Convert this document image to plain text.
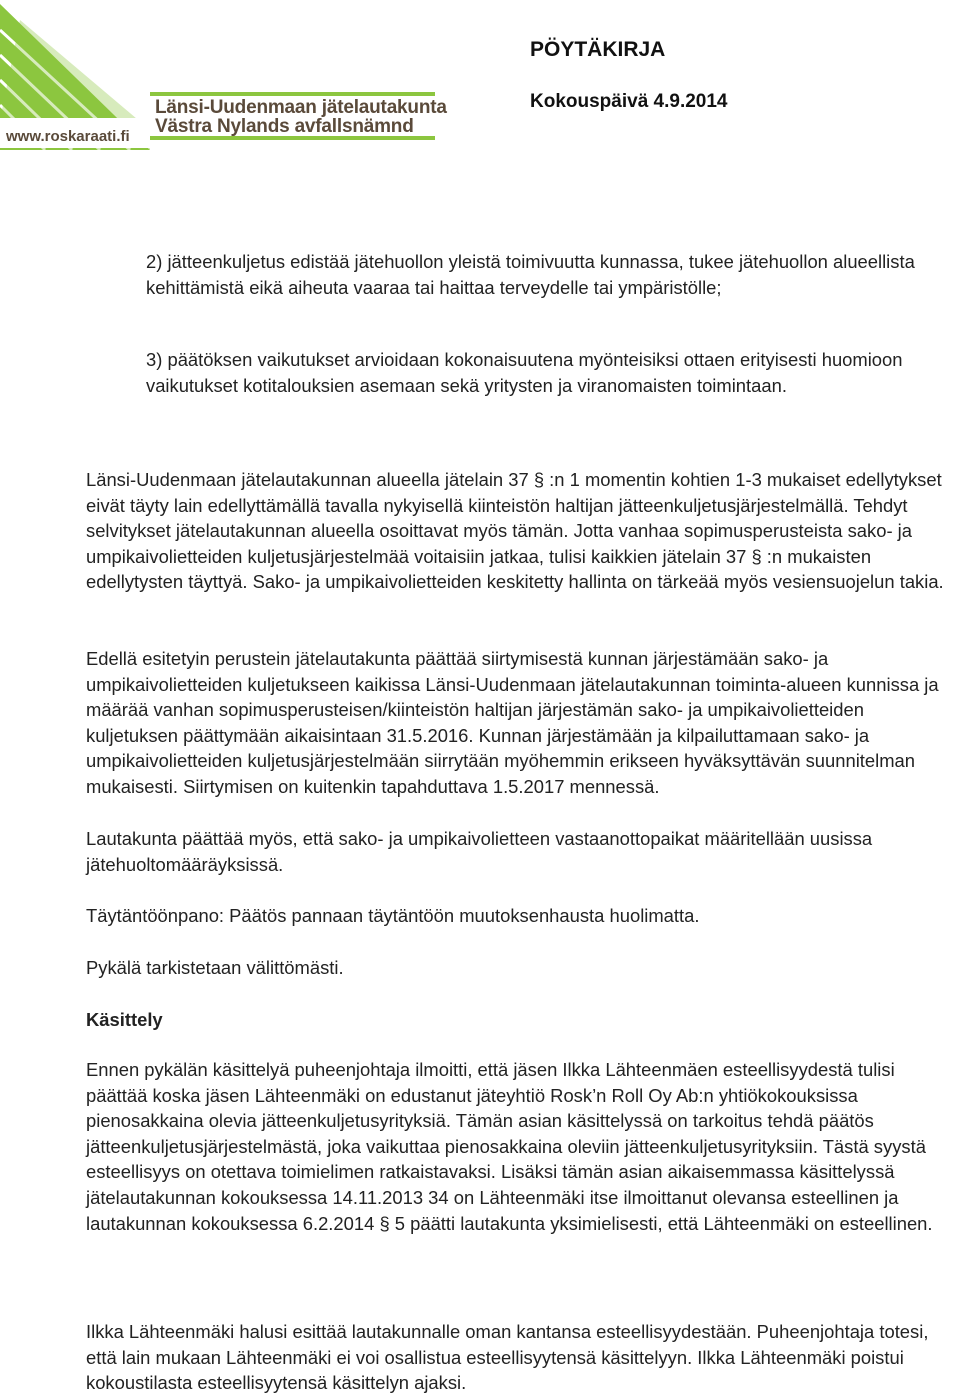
Länsi-Uudenmaan jätelautakunta
Västra Nylands avfallsnämnd
www.roskaraati.fi
PÖYTÄKIRJA
Kokouspäivä 4.9.2014

2) jätteenkuljetus edistää jätehuollon yleistä toimivuutta kunnassa, tukee jätehuollon alueellista kehittämistä eikä aiheuta vaaraa tai haittaa terveydelle tai ympäristölle;

3) päätöksen vaikutukset arvioidaan kokonaisuutena myönteisiksi ottaen erityisesti huomioon vaikutukset kotitalouksien asemaan sekä yritysten ja viranomaisten toimintaan.

Länsi-Uudenmaan jätelautakunnan alueella jätelain 37 § :n 1 momentin kohtien 1-3 mukaiset edellytykset eivät täyty lain edellyttämällä tavalla nykyisellä kiinteistön haltijan jätteenkuljetusjärjestelmällä. Tehdyt selvitykset jätelautakunnan alueella osoittavat myös tämän. Jotta vanhaa sopimusperusteista sako- ja umpikaivolietteiden kuljetusjärjestelmää voitaisiin jatkaa, tulisi kaikkien jätelain 37 § :n mukaisten edellytysten täyttyä. Sako- ja umpikaivolietteiden keskitetty hallinta on tärkeää myös vesiensuojelun takia.

Edellä esitetyin perustein jätelautakunta päättää siirtymisestä kunnan järjestämään sako- ja umpikaivolietteiden kuljetukseen kaikissa Länsi-Uudenmaan jätelautakunnan toiminta-alueen kunnissa ja määrää vanhan sopimusperusteisen/kiinteistön haltijan järjestämän sako- ja umpikaivolietteiden kuljetuksen päättymään aikaisintaan 31.5.2016. Kunnan järjestämään ja kilpailuttamaan sako- ja umpikaivolietteiden kuljetusjärjestelmään siirrytään myöhemmin erikseen hyväksyttävän suunnitelman mukaisesti. Siirtymisen on kuitenkin tapahduttava 1.5.2017 mennessä.

Lautakunta päättää myös, että sako- ja umpikaivolietteen vastaanottopaikat määritellään uusissa jätehuoltomääräyksissä.

Täytäntöönpano: Päätös pannaan täytäntöön muutoksenhausta huolimatta.

Pykälä tarkistetaan välittömästi.

Käsittely

Ennen pykälän käsittelyä puheenjohtaja ilmoitti, että jäsen Ilkka Lähteenmäen esteellisyydestä tulisi päättää koska jäsen Lähteenmäki on edustanut jäteyhtiö Rosk’n Roll Oy Ab:n yhtiökokouksissa pienosakkaina olevia jätteenkuljetusyrityksiä. Tämän asian käsittelyssä on tarkoitus tehdä päätös jätteenkuljetusjärjestelmästä, joka vaikuttaa pienosakkaina oleviin jätteenkuljetusyrityksiin. Tästä syystä esteellisyys on otettava toimielimen ratkaistavaksi. Lisäksi tämän asian aikaisemmassa käsittelyssä jätelautakunnan kokouksessa 14.11.2013 34 on Lähteenmäki itse ilmoittanut olevansa esteellinen ja lautakunnan kokouksessa 6.2.2014 § 5 päätti lautakunta yksimielisesti, että Lähteenmäki on esteellinen.

Ilkka Lähteenmäki halusi esittää lautakunnalle oman kantansa esteellisyydestään. Puheenjohtaja totesi, että lain mukaan Lähteenmäki ei voi osallistua esteellisyytensä käsittelyyn. Ilkka Lähteenmäki poistui kokoustilasta esteellisyytensä käsittelyn ajaksi.
